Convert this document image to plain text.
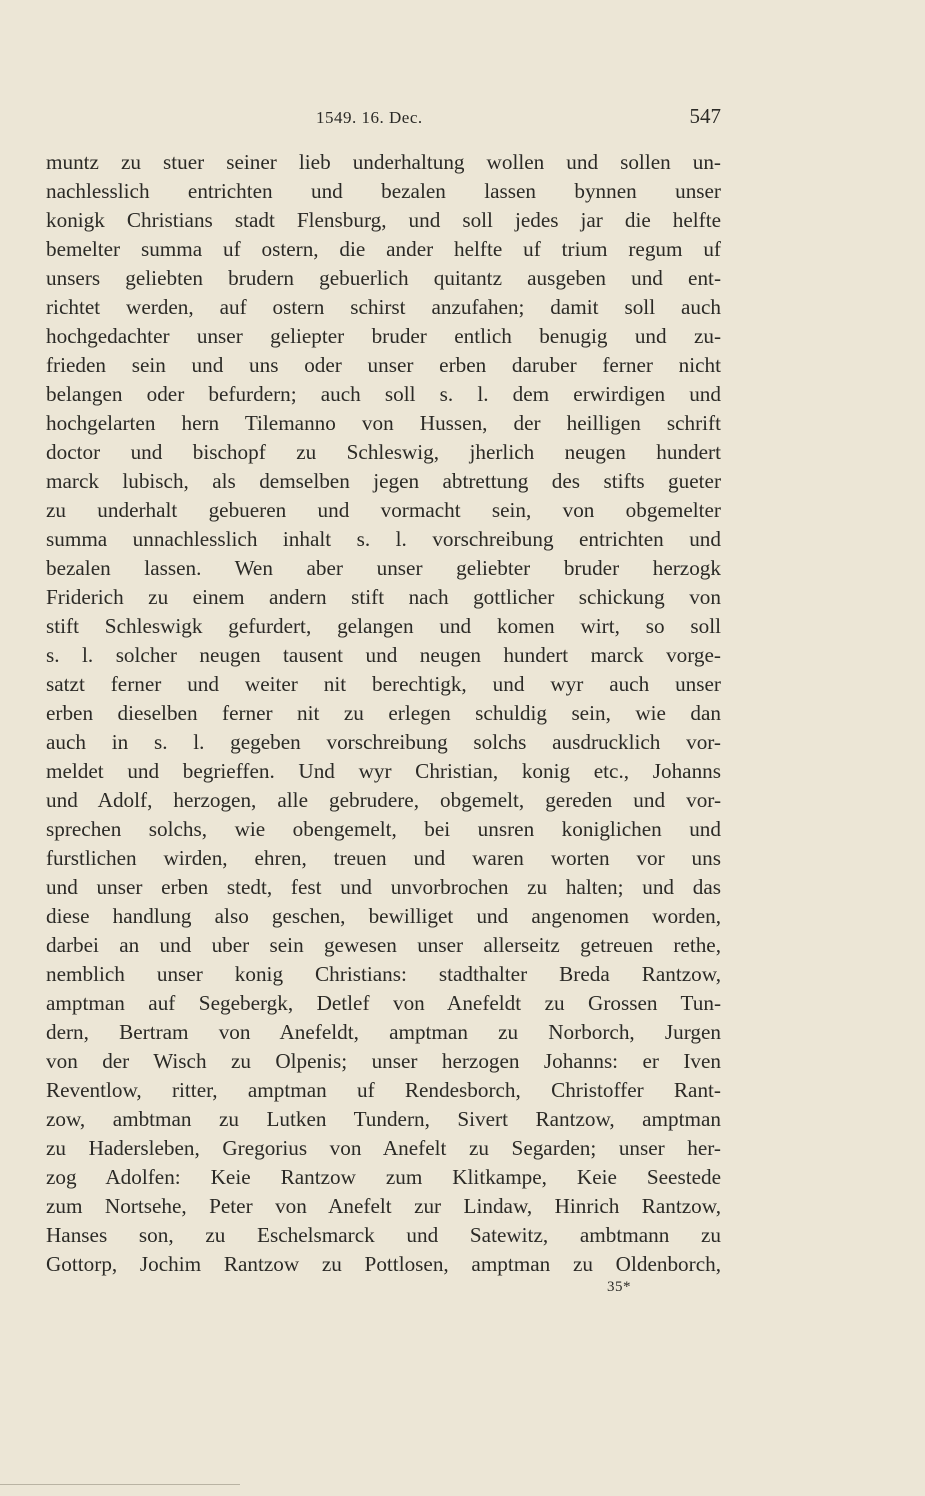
1549. 16. Dec.	547
muntz zu stuer seiner lieb underhaltung wollen und sollen un-
nachlesslich entrichten und bezalen lassen bynnen unser
konigk Christians stadt Flensburg, und soll jedes jar die helfte
bemelter summa uf ostern, die ander helfte uf trium regum uf
unsers geliebten brudern gebuerlich quitantz ausgeben und ent-
richtet werden, auf ostern schirst anzufahen; damit soll auch
hochgedachter unser geliepter bruder entlich benugig und zu-
frieden sein und uns oder unser erben daruber ferner nicht
belangen oder befurdern; auch soll s. l. dem erwirdigen und
hochgelarten hern Tilemanno von Hussen, der heilligen schrift
doctor und bischopf zu Schleswig, jherlich neugen hundert
marck lubisch, als demselben jegen abtrettung des stifts gueter
zu underhalt gebueren und vormacht sein, von obgemelter
summa unnachlesslich inhalt s. l. vorschreibung entrichten und
bezalen lassen. Wen aber unser geliebter bruder herzogk
Friderich zu einem andern stift nach gottlicher schickung von
stift Schleswigk gefurdert, gelangen und komen wirt, so soll
s. l. solcher neugen tausent und neugen hundert marck vorge-
satzt ferner und weiter nit berechtigk, und wyr auch unser
erben dieselben ferner nit zu erlegen schuldig sein, wie dan
auch in s. l. gegeben vorschreibung solchs ausdrucklich vor-
meldet und begrieffen. Und wyr Christian, konig etc., Johanns
und Adolf, herzogen, alle gebrudere, obgemelt, gereden und vor-
sprechen solchs, wie obengemelt, bei unsren koniglichen und
furstlichen wirden, ehren, treuen und waren worten vor uns
und unser erben stedt, fest und unvorbrochen zu halten; und das
diese handlung also geschen, bewilliget und angenomen worden,
darbei an und uber sein gewesen unser allerseitz getreuen rethe,
nemblich unser konig Christians: stadthalter Breda Rantzow,
amptman auf Segebergk, Detlef von Anefeldt zu Grossen Tun-
dern, Bertram von Anefeldt, amptman zu Norborch, Jurgen
von der Wisch zu Olpenis; unser herzogen Johanns: er Iven
Reventlow, ritter, amptman uf Rendesborch, Christoffer Rant-
zow, ambtman zu Lutken Tundern, Sivert Rantzow, amptman
zu Hadersleben, Gregorius von Anefelt zu Segarden; unser her-
zog Adolfen: Keie Rantzow zum Klitkampe, Keie Seestede
zum Nortsehe, Peter von Anefelt zur Lindaw, Hinrich Rantzow,
Hanses son, zu Eschelsmarck und Satewitz, ambtmann zu
Gottorp, Jochim Rantzow zu Pottlosen, amptman zu Oldenborch,
35*
